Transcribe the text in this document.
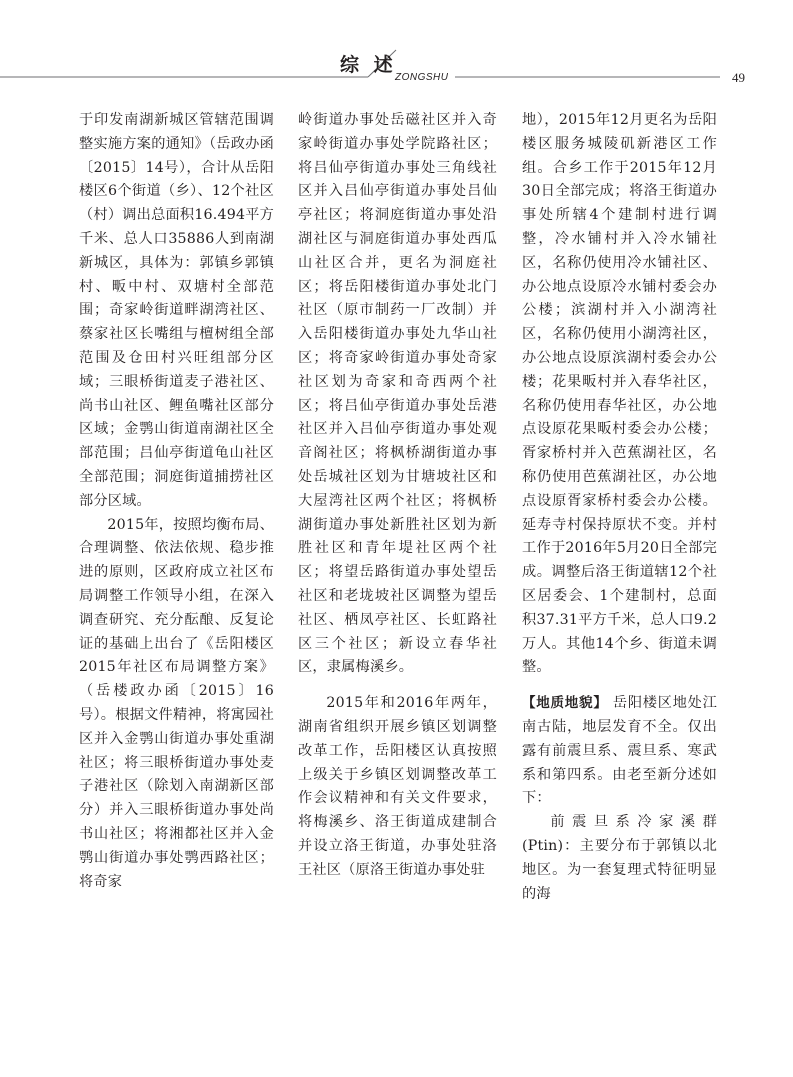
综 述
ZONGSHU	49

于印发南湖新城区管辖范围调整实施方案的通知》（岳政办函〔2015〕14号），合计从岳阳楼区6个街道（乡）、12个社区（村）调出总面积16.494平方千米、总人口35886人到南湖新城区，具体为：郭镇乡郭镇村、畈中村、双塘村全部范围；奇家岭街道畔湖湾社区、蔡家社区长嘴组与檀树组全部范围及仓田村兴旺组部分区域；三眼桥街道麦子港社区、尚书山社区、鲤鱼嘴社区部分区域；金鹗山街道南湖社区全部范围；吕仙亭街道龟山社区全部范围；洞庭街道捕捞社区部分区域。

2015年，按照均衡布局、合理调整、依法依规、稳步推进的原则，区政府成立社区布局调整工作领导小组，在深入调查研究、充分酝酿、反复论证的基础上出台了《岳阳楼区2015年社区布局调整方案》（岳楼政办函〔2015〕16号）。根据文件精神，将寓园社区并入金鹗山街道办事处重湖社区；将三眼桥街道办事处麦子港社区（除划入南湖新区部分）并入三眼桥街道办事处尚书山社区；将湘都社区并入金鹗山街道办事处鹗西路社区；将奇家

岭街道办事处岳磁社区并入奇家岭街道办事处学院路社区；将吕仙亭街道办事处三角线社区并入吕仙亭街道办事处吕仙亭社区；将洞庭街道办事处沿湖社区与洞庭街道办事处西瓜山社区合并，更名为洞庭社区；将岳阳楼街道办事处北门社区（原市制药一厂改制）并入岳阳楼街道办事处九华山社区；将奇家岭街道办事处奇家社区划为奇家和奇西两个社区；将吕仙亭街道办事处岳港社区并入吕仙亭街道办事处观音阁社区；将枫桥湖街道办事处岳城社区划为甘塘坡社区和大屋湾社区两个社区；将枫桥湖街道办事处新胜社区划为新胜社区和青年堤社区两个社区；将望岳路街道办事处望岳社区和老垅坡社区调整为望岳社区、栖凤亭社区、长虹路社区三个社区；新设立春华社区，隶属梅溪乡。

2015年和2016年两年，湖南省组织开展乡镇区划调整改革工作，岳阳楼区认真按照上级关于乡镇区划调整改革工作会议精神和有关文件要求，将梅溪乡、洛王街道成建制合并设立洛王街道，办事处驻洛王社区（原洛王街道办事处驻

地），2015年12月更名为岳阳楼区服务城陵矶新港区工作组。合乡工作于2015年12月30日全部完成；将洛王街道办事处所辖4个建制村进行调整，冷水铺村并入冷水铺社区，名称仍使用冷水铺社区、办公地点设原冷水铺村委会办公楼；滨湖村并入小湖湾社区，名称仍使用小湖湾社区，办公地点设原滨湖村委会办公楼；花果畈村并入春华社区，名称仍使用春华社区，办公地点设原花果畈村委会办公楼；胥家桥村并入芭蕉湖社区，名称仍使用芭蕉湖社区，办公地点设原胥家桥村委会办公楼。延寿寺村保持原状不变。并村工作于2016年5月20日全部完成。调整后洛王街道辖12个社区居委会、1个建制村，总面积37.31平方千米，总人口9.2万人。其他14个乡、街道未调整。

【地质地貌】 岳阳楼区地处江南古陆，地层发育不全。仅出露有前震旦系、震旦系、寒武系和第四系。由老至新分述如下：

前震旦系冷家溪群(Ptin)：主要分布于郭镇以北地区。为一套复理式特征明显的海
